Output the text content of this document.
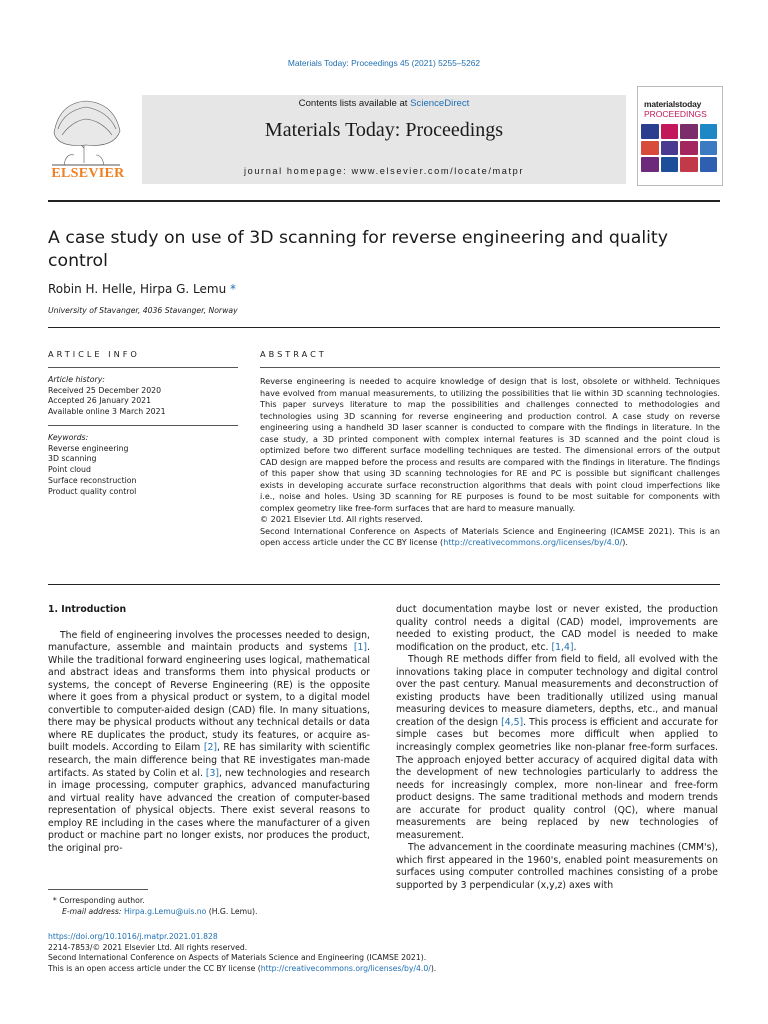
Materials Today: Proceedings 45 (2021) 5255–5262
ELSEVIER
Contents lists available at ScienceDirect
Materials Today: Proceedings
journal homepage: www.elsevier.com/locate/matpr
materialstoday
PROCEEDINGS
A case study on use of 3D scanning for reverse engineering and quality control
Robin H. Helle, Hirpa G. Lemu *
University of Stavanger, 4036 Stavanger, Norway
ARTICLE INFO
Article history:
Received 25 December 2020
Accepted 26 January 2021
Available online 3 March 2021
Keywords:
Reverse engineering
3D scanning
Point cloud
Surface reconstruction
Product quality control
ABSTRACT
Reverse engineering is needed to acquire knowledge of design that is lost, obsolete or withheld. Techniques have evolved from manual measurements, to utilizing the possibilities that lie within 3D scanning technologies. This paper surveys literature to map the possibilities and challenges connected to methodologies and technologies using 3D scanning for reverse engineering and production control. A case study on reverse engineering using a handheld 3D laser scanner is conducted to compare with the findings in literature. In the case study, a 3D printed component with complex internal features is 3D scanned and the point cloud is optimized before two different surface modelling techniques are tested. The dimensional errors of the output CAD design are mapped before the process and results are compared with the findings in literature. The findings of this paper show that using 3D scanning technologies for RE and PC is possible but significant challenges exists in developing accurate surface reconstruction algorithms that deals with point cloud imperfections like i.e., noise and holes. Using 3D scanning for RE purposes is found to be most suitable for components with complex geometry like free-form surfaces that are hard to measure manually.
© 2021 Elsevier Ltd. All rights reserved.
Second International Conference on Aspects of Materials Science and Engineering (ICAMSE 2021). This is an open access article under the CC BY license (http://creativecommons.org/licenses/by/4.0/).
1. Introduction

The field of engineering involves the processes needed to design, manufacture, assemble and maintain products and systems [1]. While the traditional forward engineering uses logical, mathematical and abstract ideas and transforms them into physical products or systems, the concept of Reverse Engineering (RE) is the opposite where it goes from a physical product or system, to a digital model convertible to computer-aided design (CAD) file. In many situations, there may be physical products without any technical details or data where RE duplicates the product, study its features, or acquire as-built models. According to Eilam [2], RE has similarity with scientific research, the main difference being that RE investigates man-made artifacts. As stated by Colin et al. [3], new technologies and research in image processing, computer graphics, advanced manufacturing and virtual reality have advanced the creation of computer-based representation of physical objects. There exist several reasons to employ RE including in the cases where the manufacturer of a given product or machine part no longer exists, nor produces the product, the original pro-

duct documentation maybe lost or never existed, the production quality control needs a digital (CAD) model, improvements are needed to existing product, the CAD model is needed to make modification on the product, etc. [1,4].

Though RE methods differ from field to field, all evolved with the innovations taking place in computer technology and digital control over the past century. Manual measurements and deconstruction of existing products have been traditionally utilized using manual measuring devices to measure diameters, depths, etc., and manual creation of the design [4,5]. This process is efficient and accurate for simple cases but becomes more difficult when applied to increasingly complex geometries like non-planar free-form surfaces. The approach enjoyed better accuracy of acquired digital data with the development of new technologies particularly to address the needs for increasingly complex, more non-linear and free-form product designs. The same traditional methods and modern trends are accurate for product quality control (QC), where manual measurements are being replaced by new technologies of measurement.

The advancement in the coordinate measuring machines (CMM's), which first appeared in the 1960's, enabled point measurements on surfaces using computer controlled machines consisting of a probe supported by 3 perpendicular (x,y,z) axes with

* Corresponding author.
E-mail address: Hirpa.g.Lemu@uis.no (H.G. Lemu).
https://doi.org/10.1016/j.matpr.2021.01.828
2214-7853/© 2021 Elsevier Ltd. All rights reserved.
Second International Conference on Aspects of Materials Science and Engineering (ICAMSE 2021).
This is an open access article under the CC BY license (http://creativecommons.org/licenses/by/4.0/).
